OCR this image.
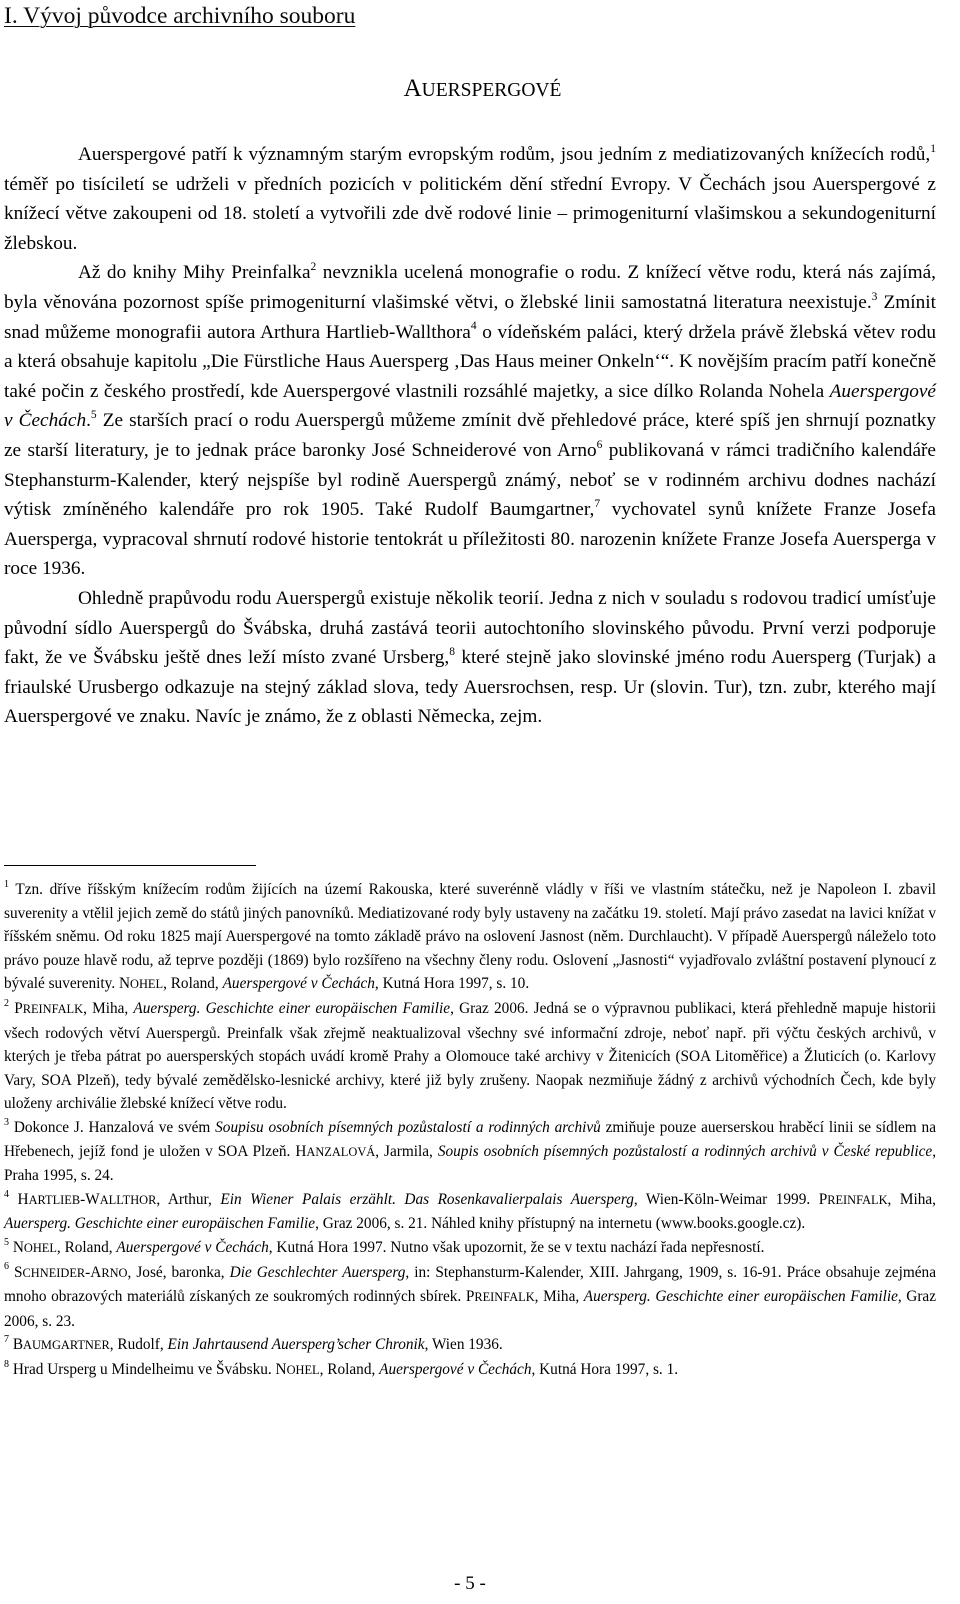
I. Vývoj původce archivního souboru
AUERSPERGOVÉ

Auerspergové patří k významným starým evropským rodům, jsou jedním z mediatizovaných knížecích rodů,$^1$ téměř po tisíciletí se udrželi v předních pozicích v politickém dění střední Evropy. V Čechách jsou Auerspergové z knížecí větve zakoupeni od 18. století a vytvořili zde dvě rodové linie – primogeniturní vlašimskou a sekundogeniturní žlebskou.

Až do knihy Mihy Preinfalka$^2$ nevznikla ucelená monografie o rodu. Z knížecí větve rodu, která nás zajímá, byla věnována pozornost spíše primogeniturní vlašimské větvi, o žlebské linii samostatná literatura neexistuje.$^3$ Zmínit snad můžeme monografii autora Arthura Hartlieb-Wallthora$^4$ o vídeňském paláci, který držela právě žlebská větev rodu a která obsahuje kapitolu „Die Fürstliche Haus Auersperg ‚Das Haus meiner Onkeln‘“. K novějším pracím patří konečně také počin z českého prostředí, kde Auerspergové vlastnili rozsáhlé majetky, a sice dílko Rolanda Nohela Auerspergové v Čechách.$^5$ Ze starších prací o rodu Auerspergů můžeme zmínit dvě přehledové práce, které spíš jen shrnují poznatky ze starší literatury, je to jednak práce baronky José Schneiderové von Arno$^6$ publikovaná v rámci tradičního kalendáře Stephansturm-Kalender, který nejspíše byl rodině Auerspergů známý, neboť se v rodinném archivu dodnes nachází výtisk zmíněného kalendáře pro rok 1905. Také Rudolf Baumgartner,$^7$ vychovatel synů knížete Franze Josefa Auersperga, vypracoval shrnutí rodové historie tentokrát u příležitosti 80. narozenin knížete Franze Josefa Auersperga v roce 1936.

Ohledně prapůvodu rodu Auerspergů existuje několik teorií. Jedna z nich v souladu s rodovou tradicí umísťuje původní sídlo Auerspergů do Švábska, druhá zastává teorii autochtoního slovinského původu. První verzi podporuje fakt, že ve Švábsku ještě dnes leží místo zvané Ursberg,$^8$ které stejně jako slovinské jméno rodu Auersperg (Turjak) a friaulské Urusbergo odkazuje na stejný základ slova, tedy Auersrochsen, resp. Ur (slovin. Tur), tzn. zubr, kterého mají Auerspergové ve znaku. Navíc je známo, že z oblasti Německa, zejm.

$^1$ Tzn. dříve říšským knížecím rodům žijících na území Rakouska, které suverénně vládly v říši ve vlastním státečku, než je Napoleon I. zbavil suverenity a vtělil jejich země do států jiných panovníků. Mediatizované rody byly ustaveny na začátku 19. století. Mají právo zasedat na lavici knížat v říšském sněmu. Od roku 1825 mají Auerspergové na tomto základě právo na oslovení Jasnost (něm. Durchlaucht). V případě Auerspergů náleželo toto právo pouze hlavě rodu, až teprve později (1869) bylo rozšířeno na všechny členy rodu. Oslovení „Jasnosti“ vyjadřovalo zvláštní postavení plynoucí z bývalé suverenity. NOHEL, Roland, Auerspergové v Čechách, Kutná Hora 1997, s. 10.

$^2$ PREINFALK, Miha, Auersperg. Geschichte einer europäischen Familie, Graz 2006. Jedná se o výpravnou publikaci, která přehledně mapuje historii všech rodových větví Auerspergů. Preinfalk však zřejmě neaktualizoval všechny své informační zdroje, neboť např. při výčtu českých archivů, v kterých je třeba pátrat po auersperských stopách uvádí kromě Prahy a Olomouce také archivy v Žitenicích (SOA Litoměřice) a Žluticích (o. Karlovy Vary, SOA Plzeň), tedy bývalé zemědělsko-lesnické archivy, které již byly zrušeny. Naopak nezmiňuje žádný z archivů východních Čech, kde byly uloženy archiválie žlebské knížecí větve rodu.

$^3$ Dokonce J. Hanzalová ve svém Soupisu osobních písemných pozůstalostí a rodinných archivů zmiňuje pouze auerserskou hraběcí linii se sídlem na Hřebenech, jejíž fond je uložen v SOA Plzeň. HANZALOVÁ, Jarmila, Soupis osobních písemných pozůstalostí a rodinných archivů v České republice, Praha 1995, s. 24.

$^4$ HARTLIEB-WALLTHOR, Arthur, Ein Wiener Palais erzählt. Das Rosenkavalierpalais Auersperg, Wien-Köln-Weimar 1999. PREINFALK, Miha, Auersperg. Geschichte einer europäischen Familie, Graz 2006, s. 21. Náhled knihy přístupný na internetu (www.books.google.cz).

$^5$ NOHEL, Roland, Auerspergové v Čechách, Kutná Hora 1997. Nutno však upozornit, že se v textu nachází řada nepřesností.

$^6$ SCHNEIDER-ARNO, José, baronka, Die Geschlechter Auersperg, in: Stephansturm-Kalender, XIII. Jahrgang, 1909, s. 16-91. Práce obsahuje zejména mnoho obrazových materiálů získaných ze soukromých rodinných sbírek. PREINFALK, Miha, Auersperg. Geschichte einer europäischen Familie, Graz 2006, s. 23.

$^7$ BAUMGARTNER, Rudolf, Ein Jahrtausend Auersperg’scher Chronik, Wien 1936.

$^8$ Hrad Ursperg u Mindelheimu ve Švábsku. NOHEL, Roland, Auerspergové v Čechách, Kutná Hora 1997, s. 1.

- 5 -
